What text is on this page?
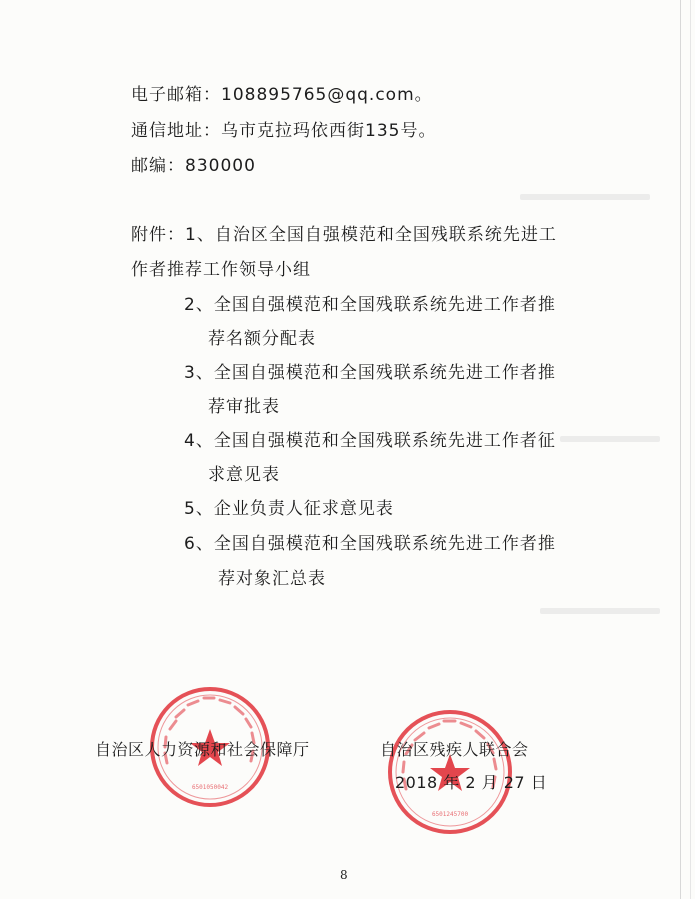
电子邮箱：108895765@qq.com。
通信地址：乌市克拉玛依西街135号。
邮编：830000
附件：1、自治区全国自强模范和全国残联系统先进工
作者推荐工作领导小组
2、全国自强模范和全国残联系统先进工作者推
荐名额分配表
3、全国自强模范和全国残联系统先进工作者推
荐审批表
4、全国自强模范和全国残联系统先进工作者征
求意见表
5、企业负责人征求意见表
6、全国自强模范和全国残联系统先进工作者推
荐对象汇总表
6501050042
6501245700
自治区人力资源和社会保障厅	自治区残疾人联合会
2018 年 2 月 27 日
8
